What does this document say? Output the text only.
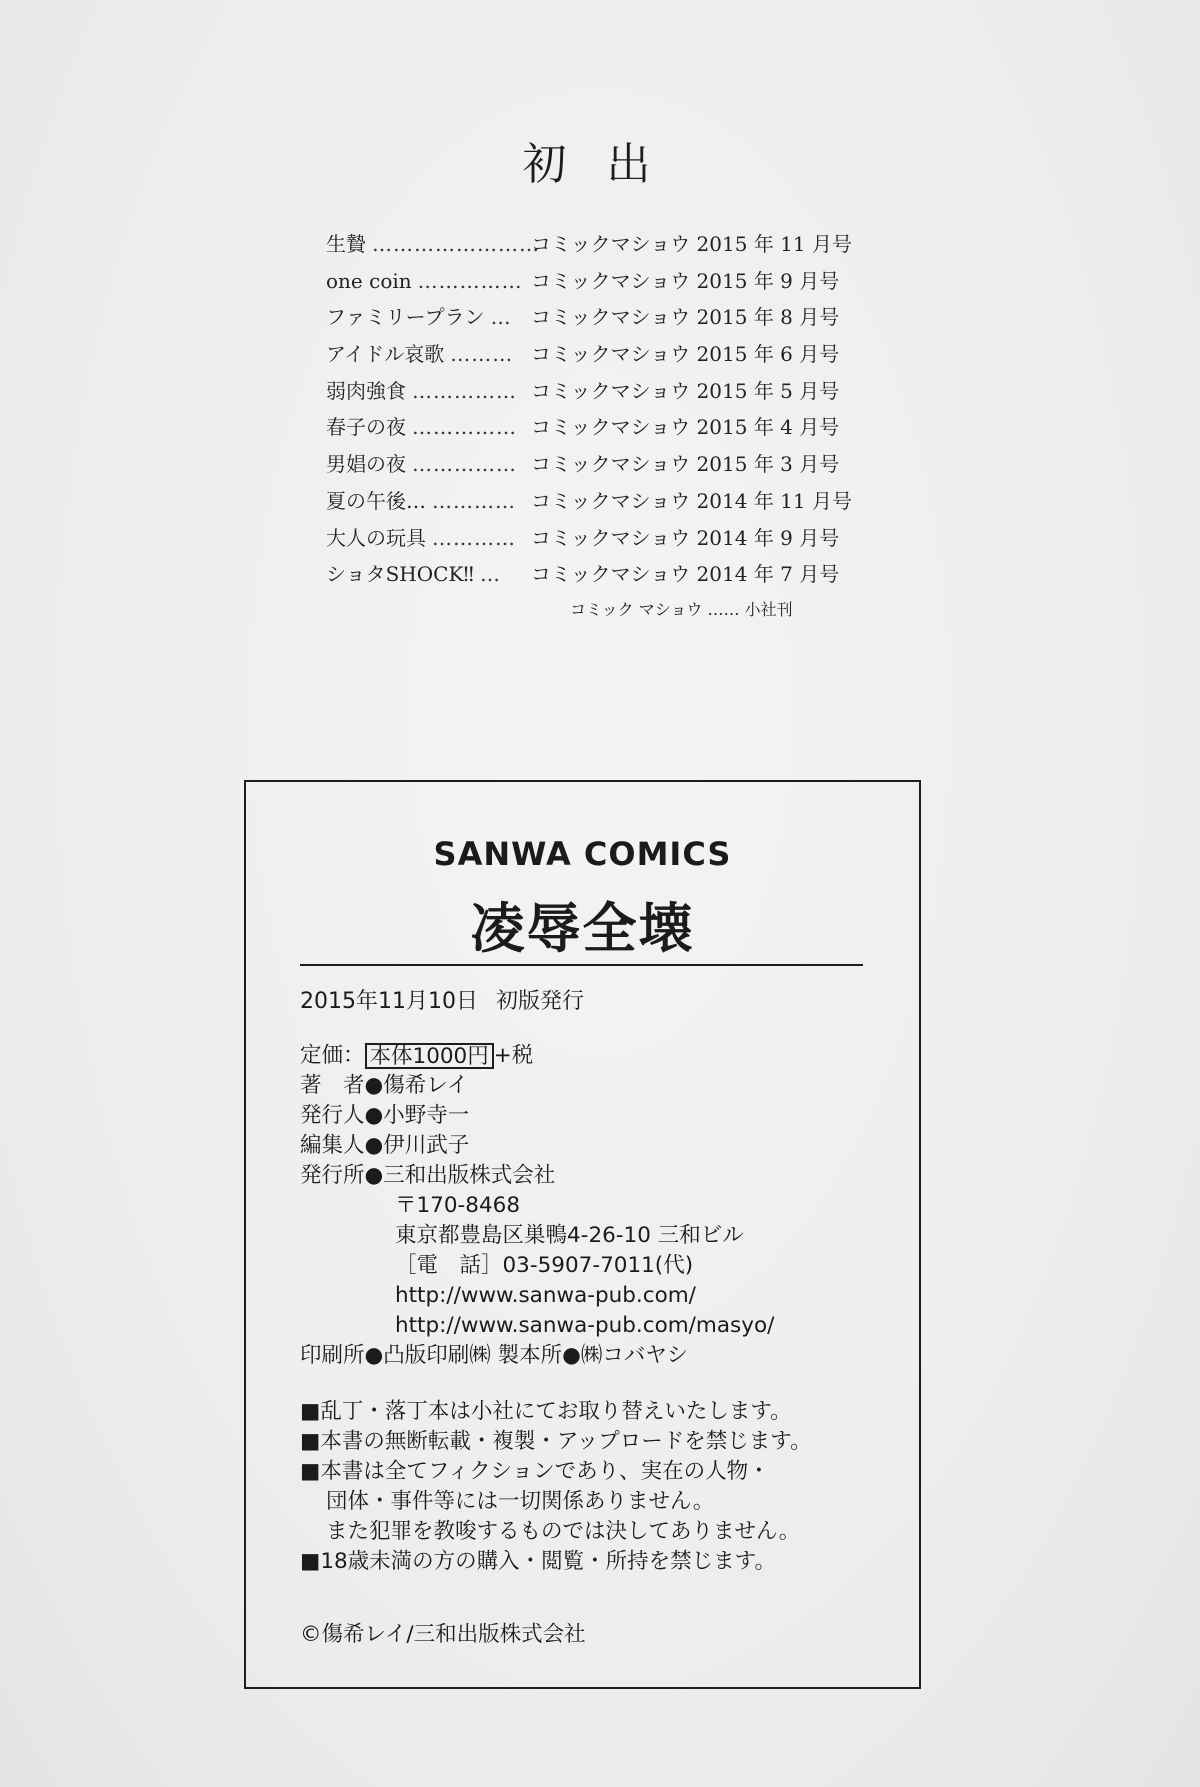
初出
生贄 ……………………
コミックマショウ 2015 年 11 月号
one coin …………… コミックマショウ 2015 年 9 月号
ファミリープラン … コミックマショウ 2015 年 8 月号
アイドル哀歌 ……… コミックマショウ 2015 年 6 月号
弱肉強食 …………… コミックマショウ 2015 年 5 月号
春子の夜 …………… コミックマショウ 2015 年 4 月号
男娼の夜 …………… コミックマショウ 2015 年 3 月号
夏の午後… ………… コミックマショウ 2014 年 11 月号
大人の玩具 ………… コミックマショウ 2014 年 9 月号
ショタSHOCK‼ …	コミックマショウ 2014 年 7 月号
コミック マショウ …… 小社刊
SANWA COMICS
凌辱全壊
2015年11月10日 初版発行
定価： 本体1000円 +税
著　者●傷希レイ
発行人●小野寺一
編集人●伊川武子
発行所●三和出版株式会社
〒170-8468
東京都豊島区巣鴨4-26-10 三和ビル
［電　話］03-5907-7011(代)
http://www.sanwa-pub.com/
http://www.sanwa-pub.com/masyo/
印刷所●凸版印刷㈱ 製本所●㈱コバヤシ
■乱丁・落丁本は小社にてお取り替えいたします。
■本書の無断転載・複製・アップロードを禁じます。
■本書は全てフィクションであり、実在の人物・
団体・事件等には一切関係ありません。
また犯罪を教唆するものでは決してありません。
■18歳未満の方の購入・閲覧・所持を禁じます。
©傷希レイ/三和出版株式会社
